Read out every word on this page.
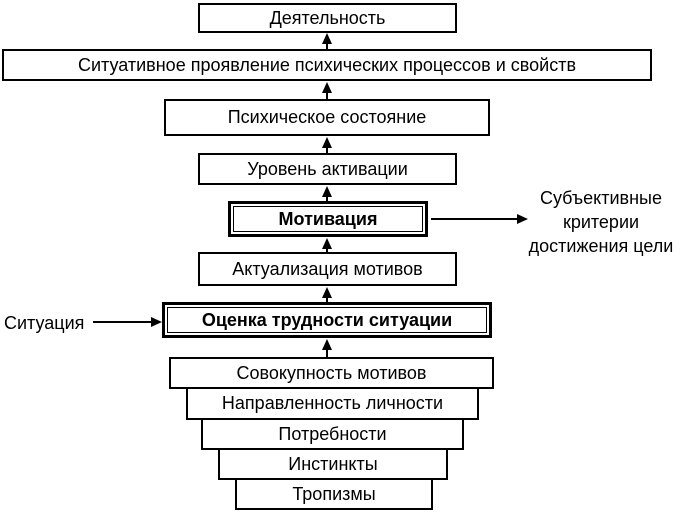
Деятельность
Ситуативное проявление психических процессов и свойств
Психическое состояние
Уровень активации
Мотивация
Актуализация мотивов
Оценка трудности ситуации
Совокупность мотивов
Направленность личности
Потребности
Инстинкты
Тропизмы
Ситуация
Субъективные
критерии
достижения цели
